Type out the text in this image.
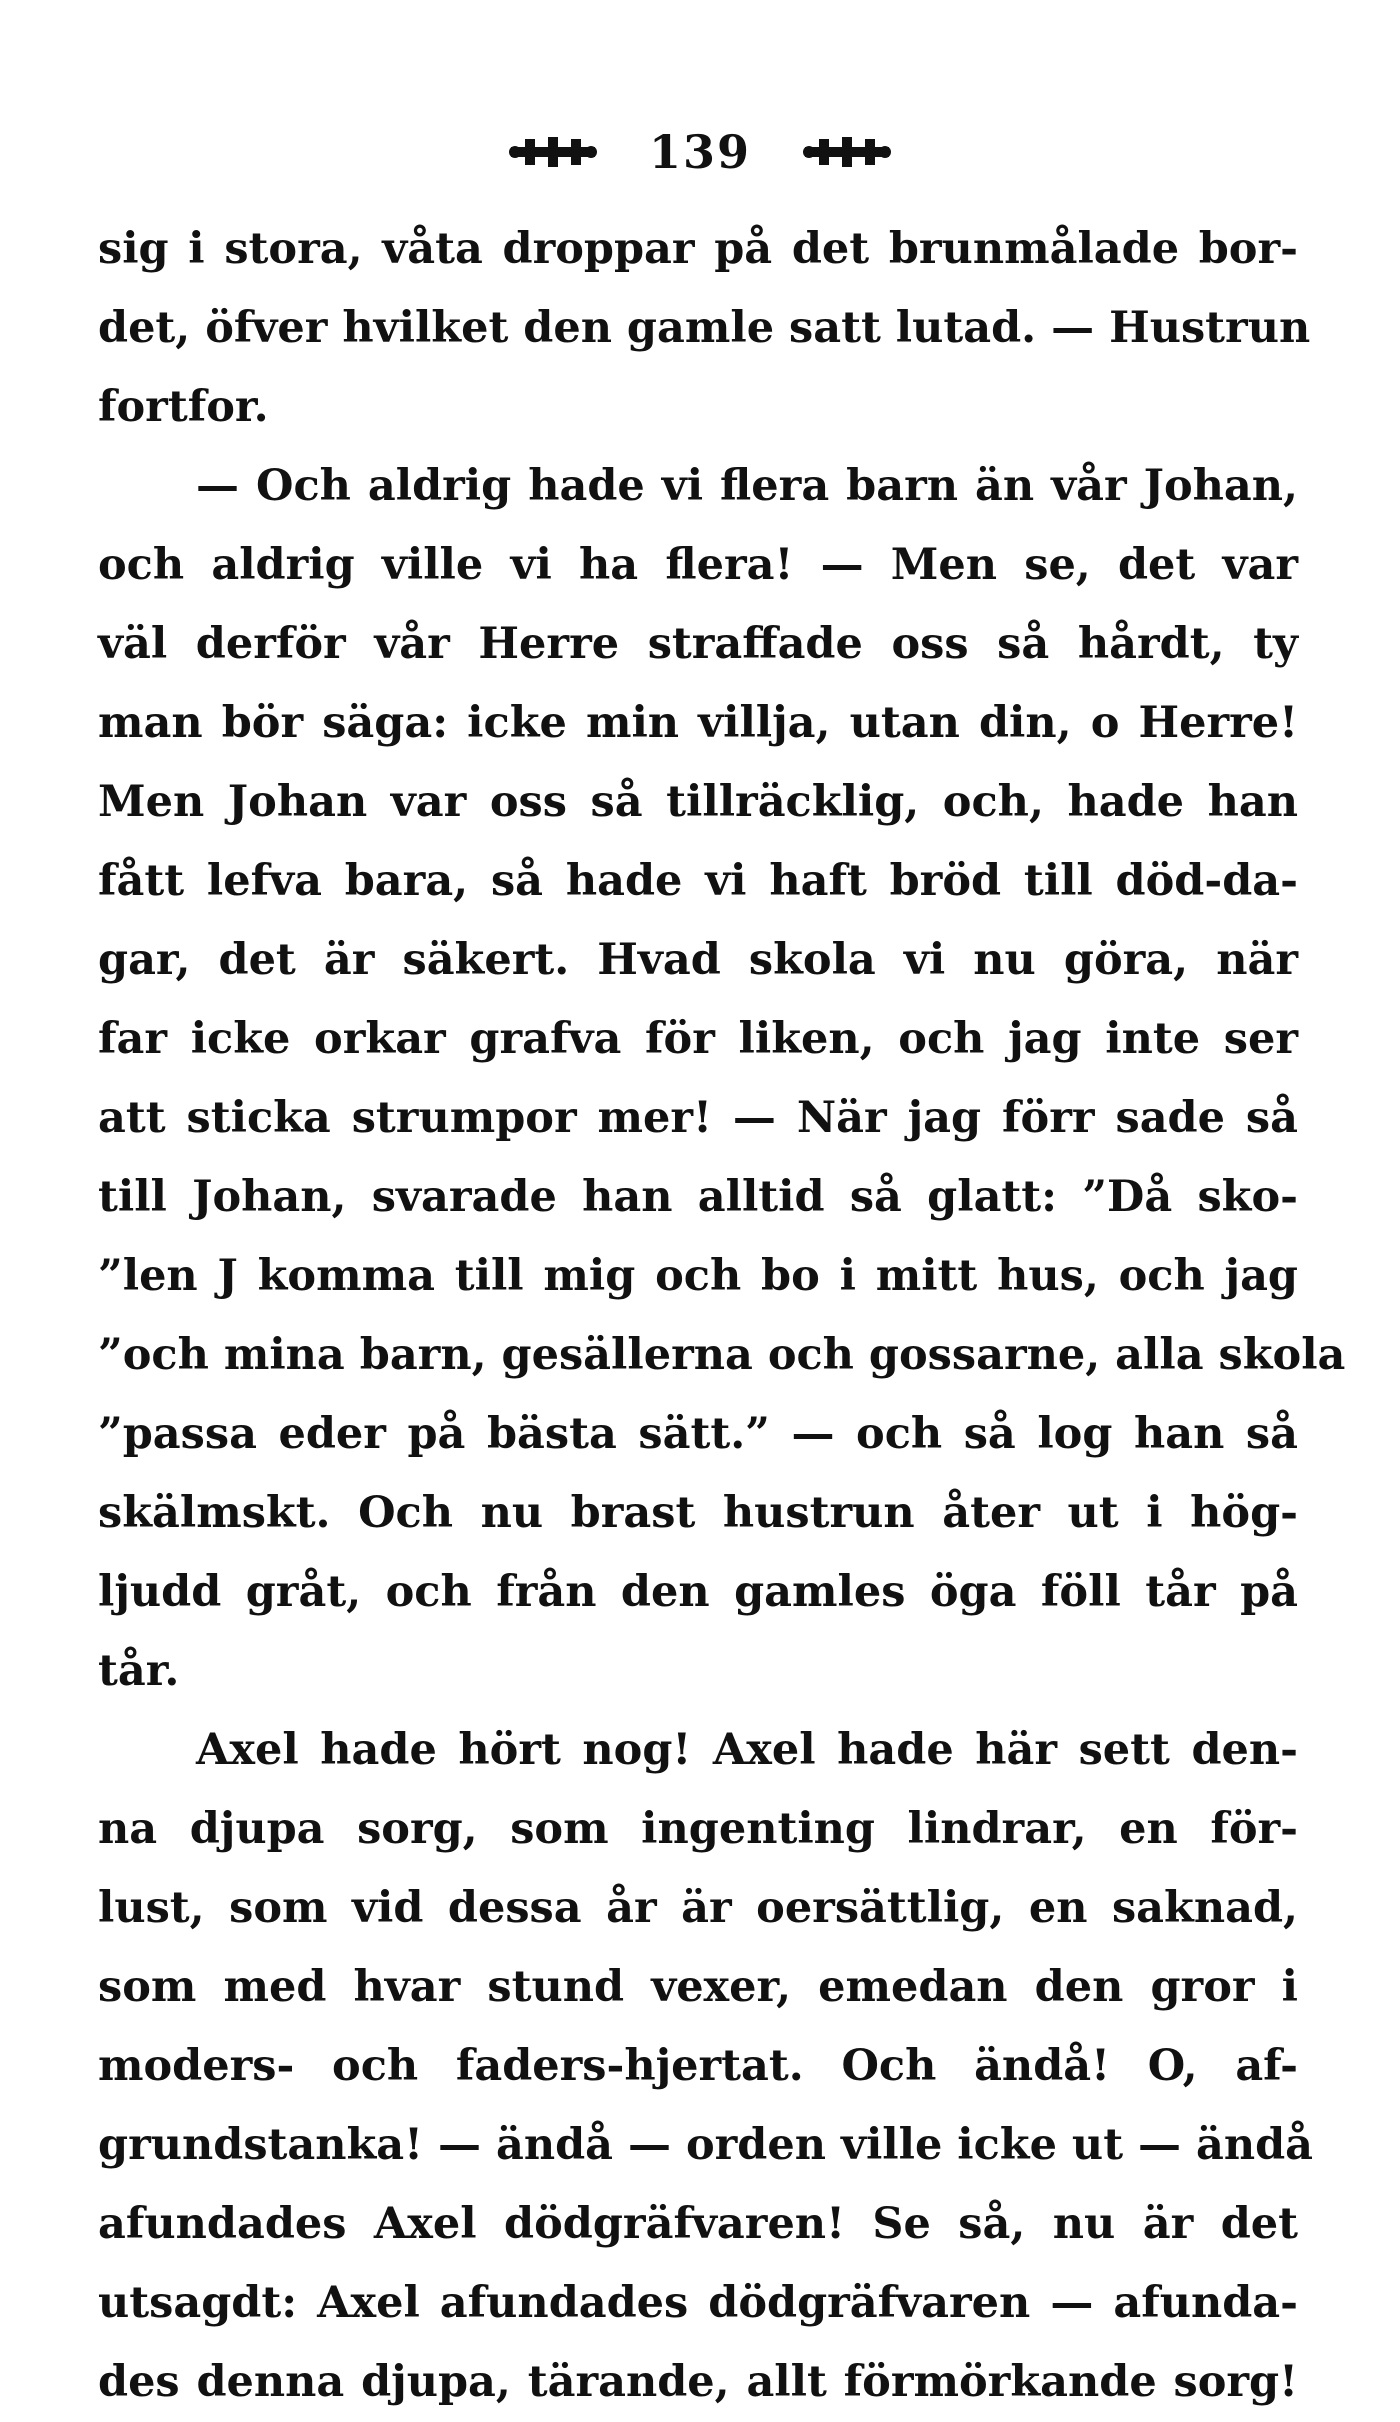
139
sig i stora, våta droppar på det brunmålade bor-
det, öfver hvilket den gamle satt lutad. — Hustrun
fortfor.
— Och aldrig hade vi flera barn än vår Johan,
och aldrig ville vi ha flera! — Men se, det var
väl derför vår Herre straffade oss så hårdt, ty
man bör säga: icke min villja, utan din, o Herre!
Men Johan var oss så tillräcklig, och, hade han
fått lefva bara, så hade vi haft bröd till död-da-
gar, det är säkert. Hvad skola vi nu göra, när
far icke orkar grafva för liken, och jag inte ser
att sticka strumpor mer! — När jag förr sade så
till Johan, svarade han alltid så glatt: ”Då sko-
”len J komma till mig och bo i mitt hus, och jag
”och mina barn, gesällerna och gossarne, alla skola
”passa eder på bästa sätt.” — och så log han så
skälmskt. Och nu brast hustrun åter ut i hög-
ljudd gråt, och från den gamles öga föll tår på
tår.
Axel hade hört nog! Axel hade här sett den-
na djupa sorg, som ingenting lindrar, en för-
lust, som vid dessa år är oersättlig, en saknad,
som med hvar stund vexer, emedan den gror i
moders- och faders-hjertat. Och ändå! O, af-
grundstanka! — ändå — orden ville icke ut — ändå
afundades Axel dödgräfvaren! Se så, nu är det
utsagdt: Axel afundades dödgräfvaren — afunda-
des denna djupa, tärande, allt förmörkande sorg!
